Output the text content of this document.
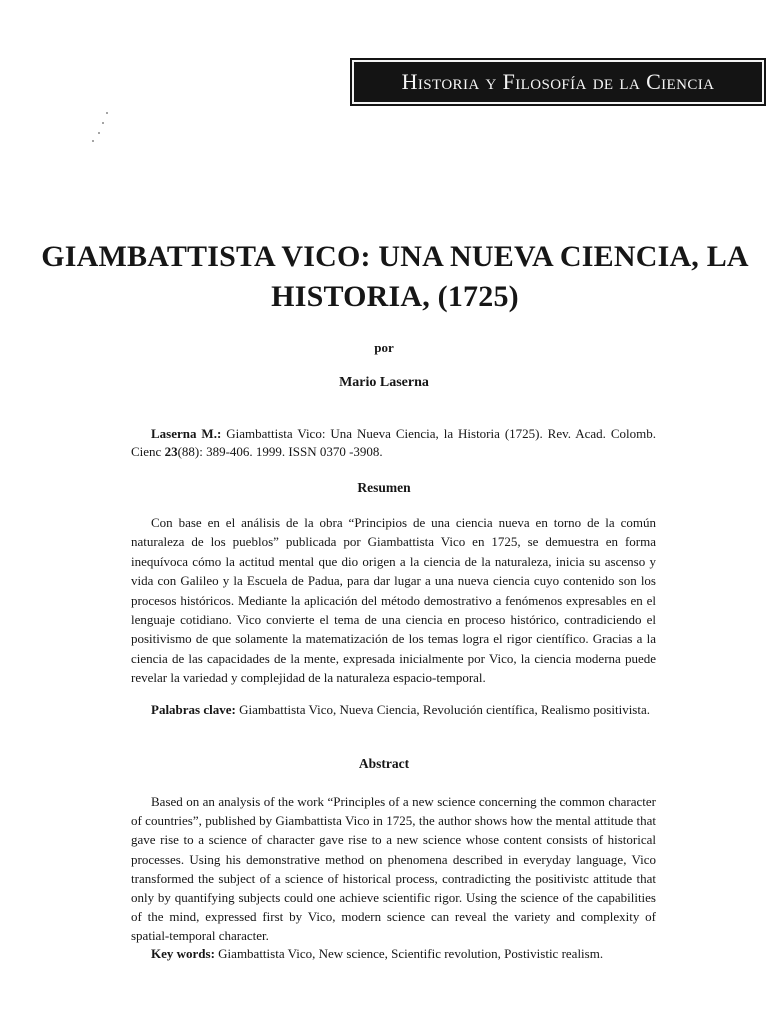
Historia y Filosofía de la Ciencia
GIAMBATTISTA VICO: UNA NUEVA CIENCIA, LA HISTORIA, (1725)
por
Mario Laserna

Laserna M.: Giambattista Vico: Una Nueva Ciencia, la Historia (1725). Rev. Acad. Colomb. Cienc 23(88): 389-406. 1999. ISSN 0370 -3908.

Resumen

Con base en el análisis de la obra “Principios de una ciencia nueva en torno de la común naturaleza de los pueblos” publicada por Giambattista Vico en 1725, se demuestra en forma inequívoca cómo la actitud mental que dio origen a la ciencia de la naturaleza, inicia su ascenso y vida con Galileo y la Escuela de Padua, para dar lugar a una nueva ciencia cuyo contenido son los procesos históricos. Mediante la aplicación del método demostrativo a fenómenos expresables en el lenguaje cotidiano. Vico convierte el tema de una ciencia en proceso histórico, contradiciendo el positivismo de que solamente la matematización de los temas logra el rigor científico. Gracias a la ciencia de las capacidades de la mente, expresada inicialmente por Vico, la ciencia moderna puede revelar la variedad y complejidad de la naturaleza espacio-temporal.

Palabras clave: Giambattista Vico, Nueva Ciencia, Revolución científica, Realismo positivista.

Abstract

Based on an analysis of the work “Principles of a new science concerning the common character of countries”, published by Giambattista Vico in 1725, the author shows how the mental attitude that gave rise to a science of character gave rise to a new science whose content consists of historical processes. Using his demonstrative method on phenomena described in everyday language, Vico transformed the subject of a science of historical process, contradicting the positivistc attitude that only by quantifying subjects could one achieve scientific rigor. Using the science of the capabilities of the mind, expressed first by Vico, modern science can reveal the variety and complexity of spatial-temporal character.

Key words: Giambattista Vico, New science, Scientific revolution, Postivistic realism.
